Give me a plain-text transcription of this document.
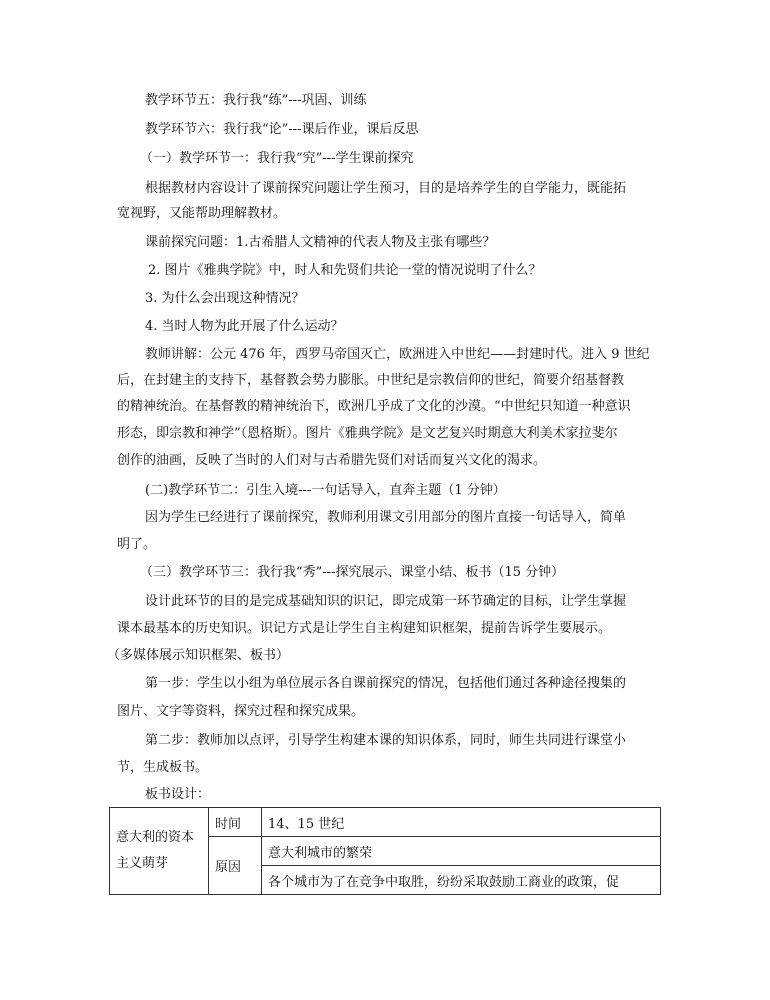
教学环节五：我行我“练”---巩固、训练
教学环节六：我行我“论”---课后作业，课后反思
（一）教学环节一：我行我“究”---学生课前探究
根据教材内容设计了课前探究问题让学生预习，目的是培养学生的自学能力，既能拓
宽视野，又能帮助理解教材。
课前探究问题：1.古希腊人文精神的代表人物及主张有哪些？
2. 图片《雅典学院》中，时人和先贤们共论一堂的情况说明了什么？
3. 为什么会出现这种情况？
4. 当时人物为此开展了什么运动？
教师讲解：公元 476 年，西罗马帝国灭亡，欧洲进入中世纪——封建时代。进入 9 世纪
后，在封建主的支持下，基督教会势力膨胀。中世纪是宗教信仰的世纪，简要介绍基督教
的精神统治。在基督教的精神统治下，欧洲几乎成了文化的沙漠。“中世纪只知道一种意识
形态，即宗教和神学”（恩格斯）。图片《雅典学院》是文艺复兴时期意大利美术家拉斐尔
创作的油画，反映了当时的人们对与古希腊先贤们对话而复兴文化的渴求。
(二)教学环节二：引生入境---一句话导入，直奔主题（1 分钟）
因为学生已经进行了课前探究，教师利用课文引用部分的图片直接一句话导入，简单
明了。
（三）教学环节三：我行我“秀”---探究展示、课堂小结、板书（15 分钟）
设计此环节的目的是完成基础知识的识记，即完成第一环节确定的目标，让学生掌握
课本最基本的历史知识。识记方式是让学生自主构建知识框架，提前告诉学生要展示。
（多媒体展示知识框架、板书）
第一步：学生以小组为单位展示各自课前探究的情况，包括他们通过各种途径搜集的
图片、文字等资料，探究过程和探究成果。
第二步：教师加以点评，引导学生构建本课的知识体系，同时，师生共同进行课堂小
节，生成板书。
板书设计：
意大利的资本
主义萌芽	时间	14、15 世纪
	原因	意大利城市的繁荣
		各个城市为了在竞争中取胜，纷纷采取鼓励工商业的政策，促
